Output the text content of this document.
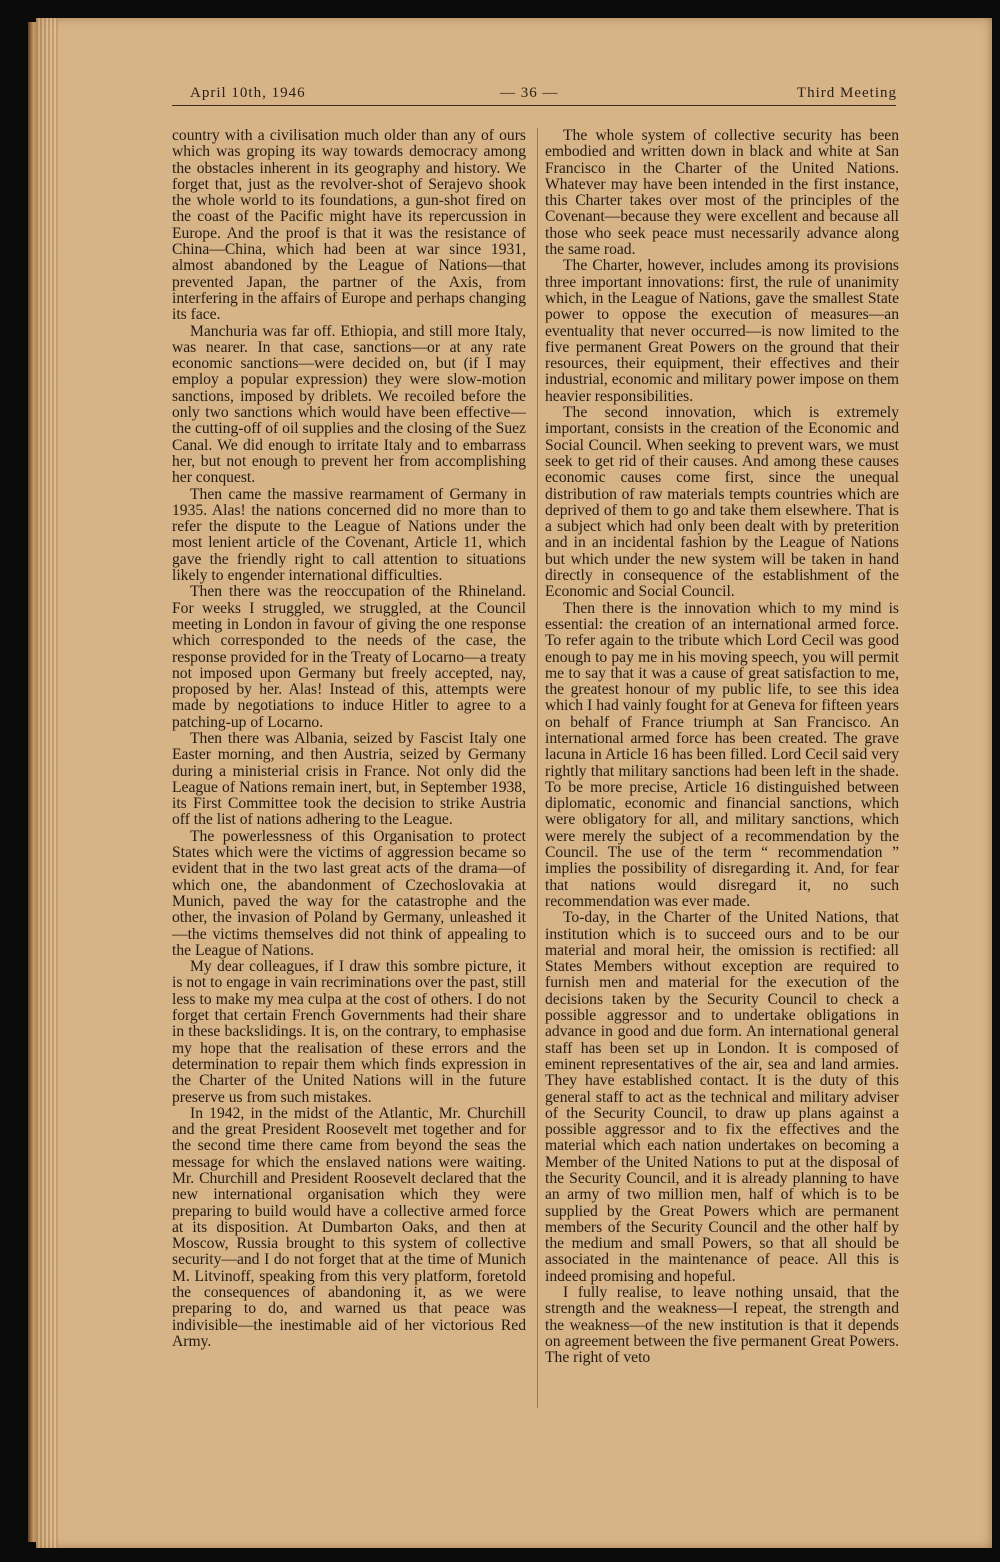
April 10th, 1946	— 36 —	Third Meeting

country with a civilisation much older than any of ours which was groping its way towards democracy among the obstacles inherent in its geography and history. We forget that, just as the revolver-shot of Serajevo shook the whole world to its foundations, a gun-shot fired on the coast of the Pacific might have its repercussion in Europe. And the proof is that it was the resistance of China—China, which had been at war since 1931, almost abandoned by the League of Nations—that prevented Japan, the partner of the Axis, from interfering in the affairs of Europe and perhaps changing its face.

Manchuria was far off. Ethiopia, and still more Italy, was nearer. In that case, sanctions—or at any rate economic sanctions—were decided on, but (if I may employ a popular expression) they were slow-motion sanctions, imposed by driblets. We recoiled before the only two sanctions which would have been effective—the cutting-off of oil supplies and the closing of the Suez Canal. We did enough to irritate Italy and to embarrass her, but not enough to prevent her from accomplishing her conquest.

Then came the massive rearmament of Germany in 1935. Alas! the nations concerned did no more than to refer the dispute to the League of Nations under the most lenient article of the Covenant, Article 11, which gave the friendly right to call attention to situations likely to engender international difficulties.

Then there was the reoccupation of the Rhineland. For weeks I struggled, we struggled, at the Council meeting in London in favour of giving the one response which corresponded to the needs of the case, the response provided for in the Treaty of Locarno—a treaty not imposed upon Germany but freely accepted, nay, proposed by her. Alas! Instead of this, attempts were made by negotiations to induce Hitler to agree to a patching-up of Locarno.

Then there was Albania, seized by Fascist Italy one Easter morning, and then Austria, seized by Germany during a ministerial crisis in France. Not only did the League of Nations remain inert, but, in September 1938, its First Committee took the decision to strike Austria off the list of nations adhering to the League.

The powerlessness of this Organisation to protect States which were the victims of aggression became so evident that in the two last great acts of the drama—of which one, the abandonment of Czechoslovakia at Munich, paved the way for the catastrophe and the other, the invasion of Poland by Germany, unleashed it—the victims themselves did not think of appealing to the League of Nations.

My dear colleagues, if I draw this sombre picture, it is not to engage in vain recriminations over the past, still less to make my mea culpa at the cost of others. I do not forget that certain French Governments had their share in these backslidings. It is, on the contrary, to emphasise my hope that the realisation of these errors and the determination to repair them which finds expression in the Charter of the United Nations will in the future preserve us from such mistakes.

In 1942, in the midst of the Atlantic, Mr. Churchill and the great President Roosevelt met together and for the second time there came from beyond the seas the message for which the enslaved nations were waiting. Mr. Churchill and President Roosevelt declared that the new international organisation which they were preparing to build would have a collective armed force at its disposition. At Dumbarton Oaks, and then at Moscow, Russia brought to this system of collective security—and I do not forget that at the time of Munich M. Litvinoff, speaking from this very platform, foretold the consequences of abandoning it, as we were preparing to do, and warned us that peace was indivisible—the inestimable aid of her victorious Red Army.

The whole system of collective security has been embodied and written down in black and white at San Francisco in the Charter of the United Nations. Whatever may have been intended in the first instance, this Charter takes over most of the principles of the Covenant—because they were excellent and because all those who seek peace must necessarily advance along the same road.

The Charter, however, includes among its provisions three important innovations: first, the rule of unanimity which, in the League of Nations, gave the smallest State power to oppose the execution of measures—an eventuality that never occurred—is now limited to the five permanent Great Powers on the ground that their resources, their equipment, their effectives and their industrial, economic and military power impose on them heavier responsibilities.

The second innovation, which is extremely important, consists in the creation of the Economic and Social Council. When seeking to prevent wars, we must seek to get rid of their causes. And among these causes economic causes come first, since the unequal distribution of raw materials tempts countries which are deprived of them to go and take them elsewhere. That is a subject which had only been dealt with by preterition and in an incidental fashion by the League of Nations but which under the new system will be taken in hand directly in consequence of the establishment of the Economic and Social Council.

Then there is the innovation which to my mind is essential: the creation of an international armed force. To refer again to the tribute which Lord Cecil was good enough to pay me in his moving speech, you will permit me to say that it was a cause of great satisfaction to me, the greatest honour of my public life, to see this idea which I had vainly fought for at Geneva for fifteen years on behalf of France triumph at San Francisco. An international armed force has been created. The grave lacuna in Article 16 has been filled. Lord Cecil said very rightly that military sanctions had been left in the shade. To be more precise, Article 16 distinguished between diplomatic, economic and financial sanctions, which were obligatory for all, and military sanctions, which were merely the subject of a recommendation by the Council. The use of the term “ recommendation ” implies the possibility of disregarding it. And, for fear that nations would disregard it, no such recommendation was ever made.

To-day, in the Charter of the United Nations, that institution which is to succeed ours and to be our material and moral heir, the omission is rectified: all States Members without exception are required to furnish men and material for the execution of the decisions taken by the Security Council to check a possible aggressor and to undertake obligations in advance in good and due form. An international general staff has been set up in London. It is composed of eminent representatives of the air, sea and land armies. They have established contact. It is the duty of this general staff to act as the technical and military adviser of the Security Council, to draw up plans against a possible aggressor and to fix the effectives and the material which each nation undertakes on becoming a Member of the United Nations to put at the disposal of the Security Council, and it is already planning to have an army of two million men, half of which is to be supplied by the Great Powers which are permanent members of the Security Council and the other half by the medium and small Powers, so that all should be associated in the maintenance of peace. All this is indeed promising and hopeful.

I fully realise, to leave nothing unsaid, that the strength and the weakness—I repeat, the strength and the weakness—of the new institution is that it depends on agreement between the five permanent Great Powers. The right of veto
